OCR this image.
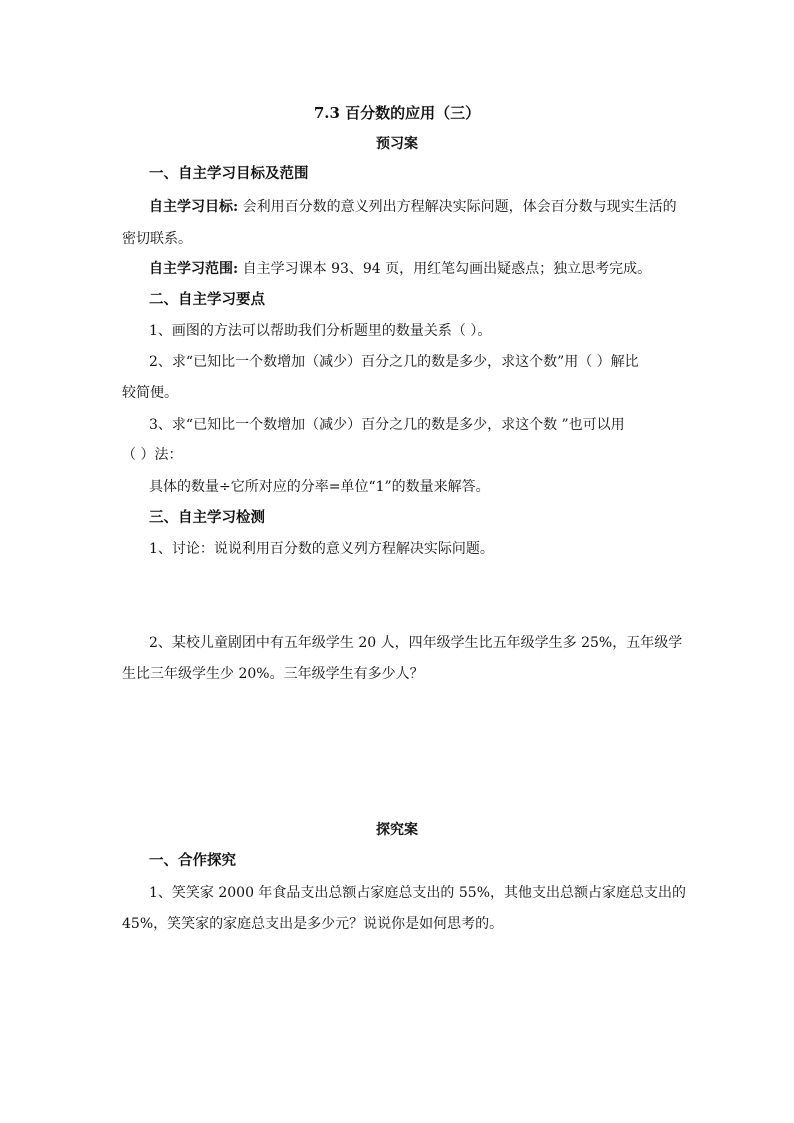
7.3 百分数的应用（三）
预习案
一、自主学习目标及范围
自主学习目标: 会利用百分数的意义列出方程解决实际问题，体会百分数与现实生活的
密切联系。
自主学习范围: 自主学习课本 93、94 页，用红笔勾画出疑惑点；独立思考完成。
二、自主学习要点
1、画图的方法可以帮助我们分析题里的数量关系（ ）。
2、求“已知比一个数增加（减少）百分之几的数是多少，求这个数”用（ ）解比
较简便。
3、求“已知比一个数增加（减少）百分之几的数是多少，求这个数 ”也可以用
（ ）法：
具体的数量÷它所对应的分率=单位“1”的数量来解答。
三、自主学习检测
1、讨论：说说利用百分数的意义列方程解决实际问题。
2、某校儿童剧团中有五年级学生 20 人，四年级学生比五年级学生多 25%，五年级学
生比三年级学生少 20%。三年级学生有多少人？
探究案
一、合作探究
1、笑笑家 2000 年食品支出总额占家庭总支出的 55%，其他支出总额占家庭总支出的
45%，笑笑家的家庭总支出是多少元？说说你是如何思考的。
